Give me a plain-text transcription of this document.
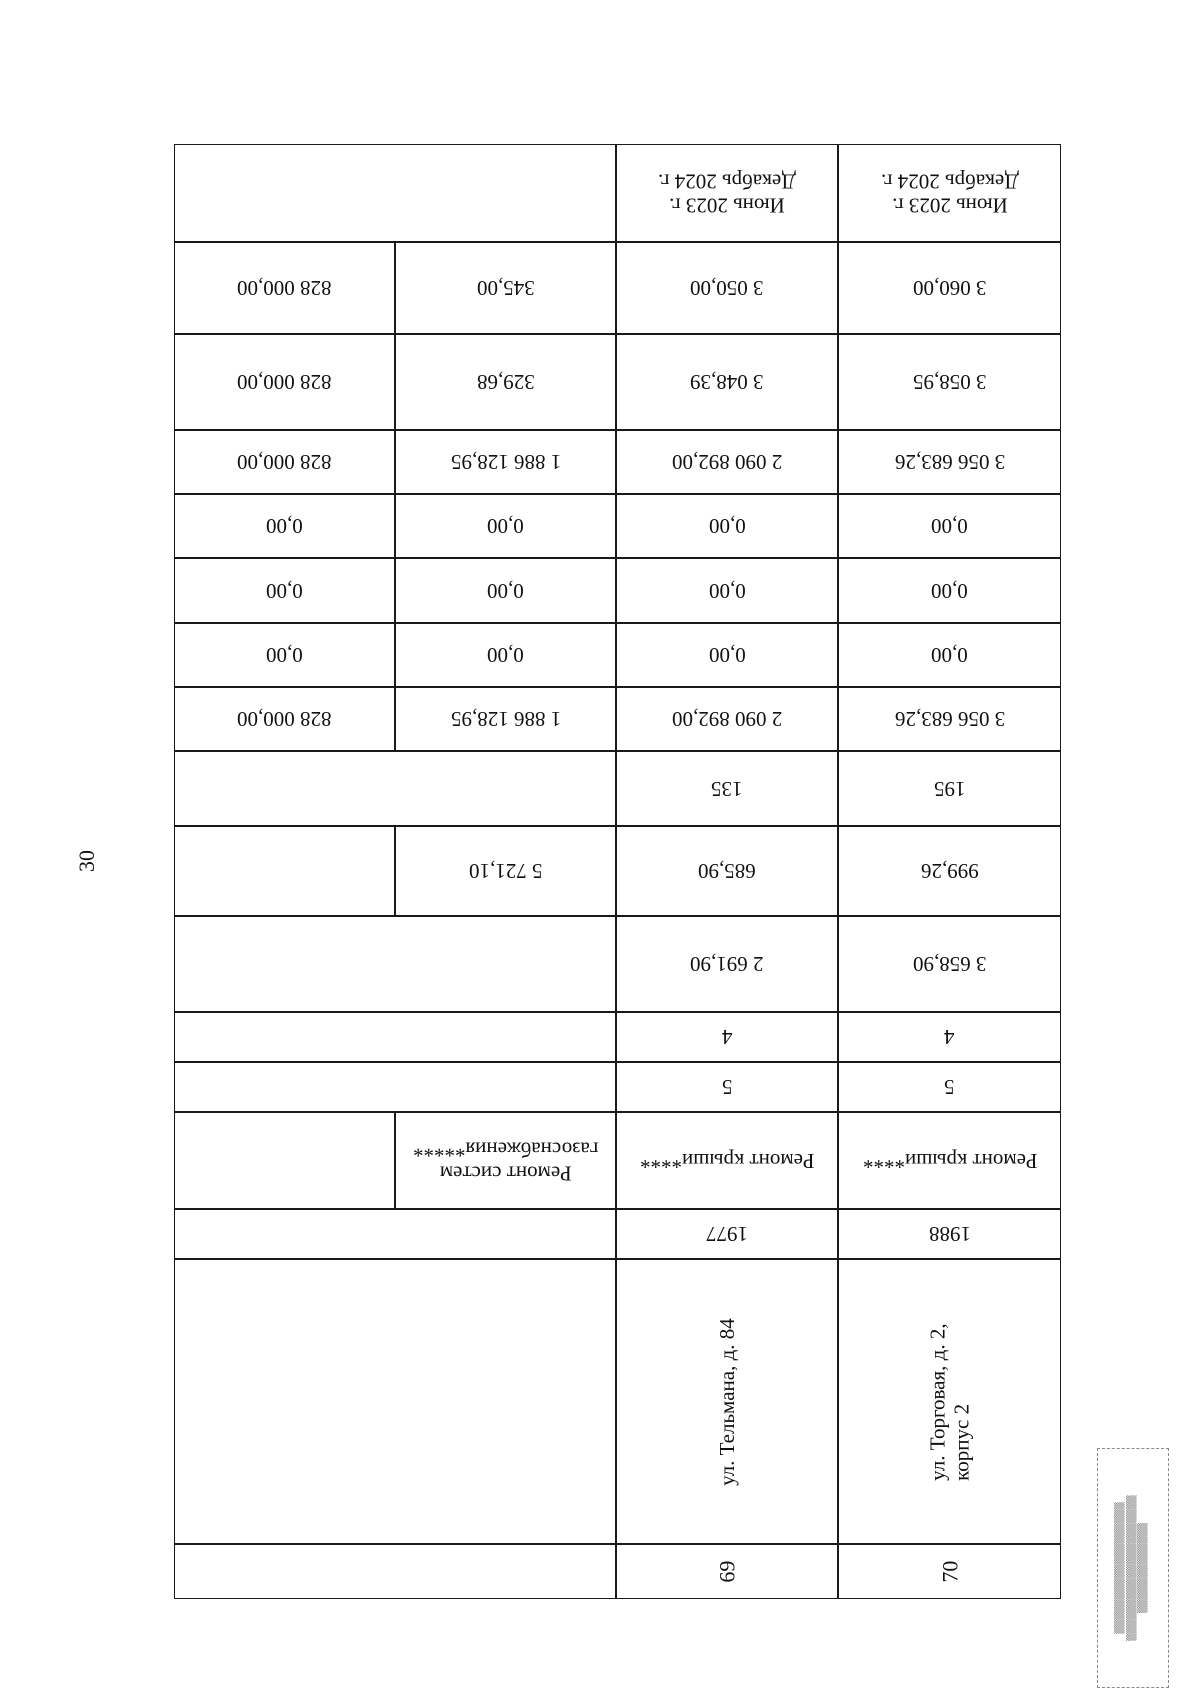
30
Июнь 2023 г.
Декабрь 2024 г.
3 060,00
3 058,95
3 056 683,26
0,00
0,00
0,00
3 056 683,26
195
999,26
3 658,90
4
5
Ремонт крыши****
1988
ул. Торговая, д. 2,
корпус 2
70
Июнь 2023 г.
Декабрь 2024 г.
3 050,00
3 048,39
2 090 892,00
0,00
0,00
0,00
2 090 892,00
135
685,90
2 691,90
4
5
Ремонт крыши****
1977
ул. Тельмана, д. 84
69
345,00
329,68
1 886 128,95
0,00
0,00
0,00
1 886 128,95
5 721,10
Ремонт систем
газоснабжения*****
828 000,00
828 000,00
828 000,00
0,00
0,00
0,00
828 000,00
▒▒▒▒▒▒▒▒▒▒▒▒▒▒▒▒▒▒▒
▒▒▒▒▒▒▒▒▒▒▒▒▒▒▒▒▒▒▒▒▒
▒▒▒▒▒▒▒▒▒▒▒▒▒
